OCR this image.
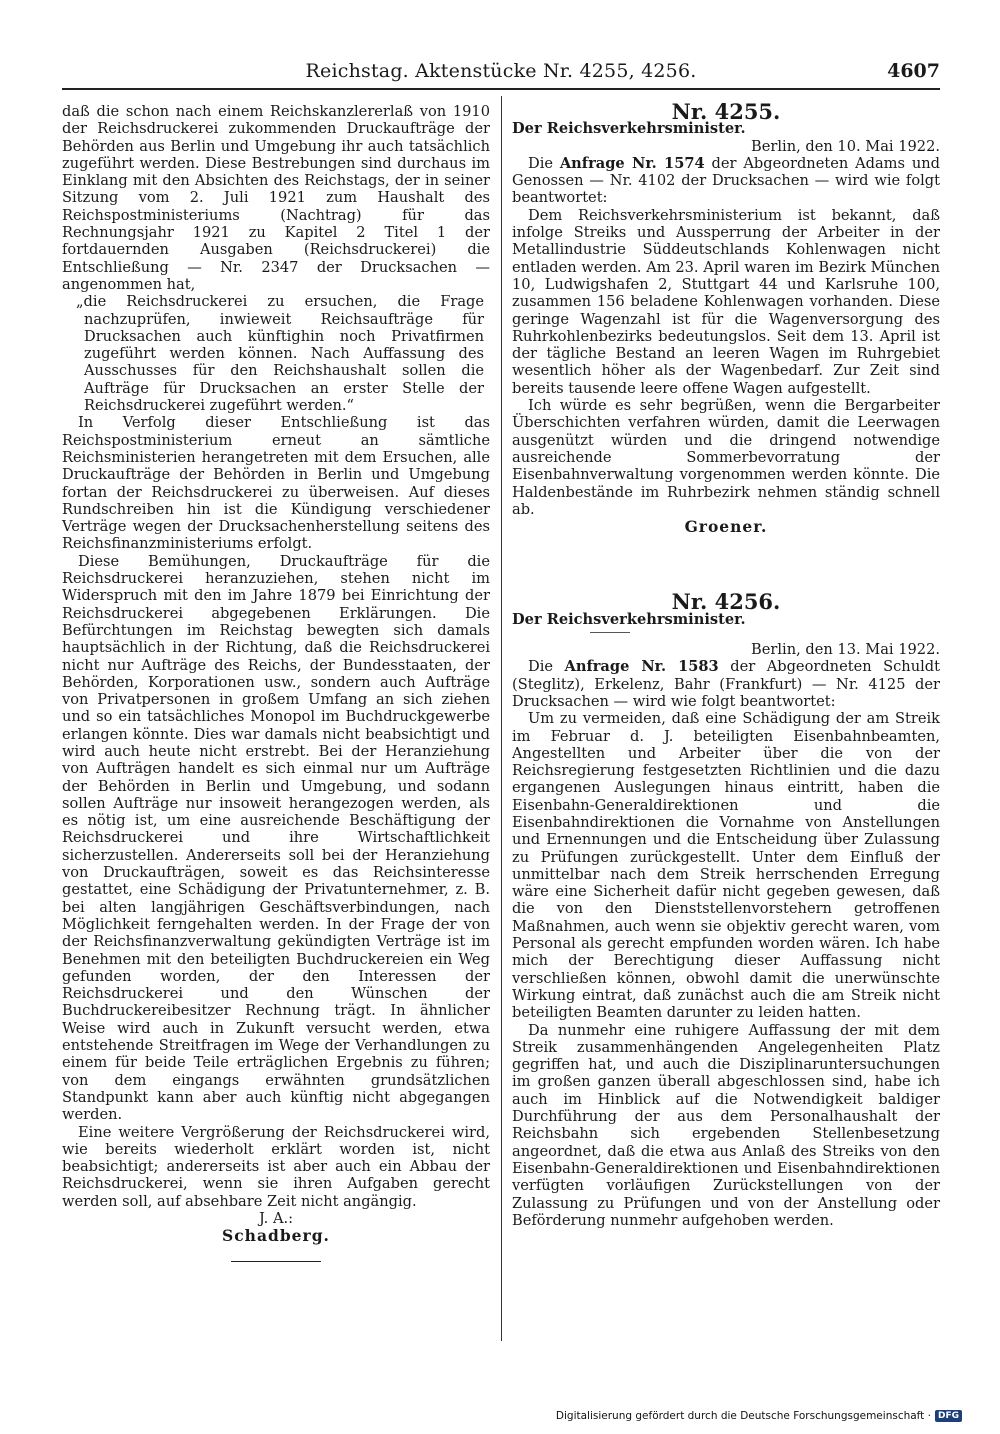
Reichstag. Aktenstücke Nr. 4255, 4256.	4607

daß die schon nach einem Reichskanzlererlaß von 1910 der Reichsdruckerei zukommenden Druckaufträge der Behörden aus Berlin und Umgebung ihr auch tatsächlich zugeführt werden. Diese Bestrebungen sind durchaus im Einklang mit den Absichten des Reichstags, der in seiner Sitzung vom 2. Juli 1921 zum Haushalt des Reichspostministeriums (Nachtrag) für das Rechnungsjahr 1921 zu Kapitel 2 Titel 1 der fortdauernden Ausgaben (Reichsdruckerei) die Entschließung — Nr. 2347 der Drucksachen — angenommen hat,

„die Reichsdruckerei zu ersuchen, die Frage nachzuprüfen, inwieweit Reichsaufträge für Drucksachen auch künftighin noch Privatfirmen zugeführt werden können. Nach Auffassung des Ausschusses für den Reichshaushalt sollen die Aufträge für Drucksachen an erster Stelle der Reichsdruckerei zugeführt werden.“

In Verfolg dieser Entschließung ist das Reichspostministerium erneut an sämtliche Reichsministerien herangetreten mit dem Ersuchen, alle Druckaufträge der Behörden in Berlin und Umgebung fortan der Reichsdruckerei zu überweisen. Auf dieses Rundschreiben hin ist die Kündigung verschiedener Verträge wegen der Drucksachenherstellung seitens des Reichsfinanzministeriums erfolgt.

Diese Bemühungen, Druckaufträge für die Reichsdruckerei heranzuziehen, stehen nicht im Widerspruch mit den im Jahre 1879 bei Einrichtung der Reichsdruckerei abgegebenen Erklärungen. Die Befürchtungen im Reichstag bewegten sich damals hauptsächlich in der Richtung, daß die Reichsdruckerei nicht nur Aufträge des Reichs, der Bundesstaaten, der Behörden, Korporationen usw., sondern auch Aufträge von Privatpersonen in großem Umfang an sich ziehen und so ein tatsächliches Monopol im Buchdruckgewerbe erlangen könnte. Dies war damals nicht beabsichtigt und wird auch heute nicht erstrebt. Bei der Heranziehung von Aufträgen handelt es sich einmal nur um Aufträge der Behörden in Berlin und Umgebung, und sodann sollen Aufträge nur insoweit herangezogen werden, als es nötig ist, um eine ausreichende Beschäftigung der Reichsdruckerei und ihre Wirtschaftlichkeit sicherzustellen. Andererseits soll bei der Heranziehung von Druckaufträgen, soweit es das Reichsinteresse gestattet, eine Schädigung der Privatunternehmer, z. B. bei alten langjährigen Geschäftsverbindungen, nach Möglichkeit ferngehalten werden. In der Frage der von der Reichsfinanzverwaltung gekündigten Verträge ist im Benehmen mit den beteiligten Buchdruckereien ein Weg gefunden worden, der den Interessen der Reichsdruckerei und den Wünschen der Buchdruckereibesitzer Rechnung trägt. In ähnlicher Weise wird auch in Zukunft versucht werden, etwa entstehende Streitfragen im Wege der Verhandlungen zu einem für beide Teile erträglichen Ergebnis zu führen; von dem eingangs erwähnten grundsätzlichen Standpunkt kann aber auch künftig nicht abgegangen werden.

Eine weitere Vergrößerung der Reichsdruckerei wird, wie bereits wiederholt erklärt worden ist, nicht beabsichtigt; andererseits ist aber auch ein Abbau der Reichsdruckerei, wenn sie ihren Aufgaben gerecht werden soll, auf absehbare Zeit nicht angängig.

J. A.:

Schadberg.

Nr. 4255.

Der Reichsverkehrsminister.

Berlin, den 10. Mai 1922.

Die Anfrage Nr. 1574 der Abgeordneten Adams und Genossen — Nr. 4102 der Drucksachen — wird wie folgt beantwortet:

Dem Reichsverkehrsministerium ist bekannt, daß infolge Streiks und Aussperrung der Arbeiter in der Metallindustrie Süddeutschlands Kohlenwagen nicht entladen werden. Am 23. April waren im Bezirk München 10, Ludwigshafen 2, Stuttgart 44 und Karlsruhe 100, zusammen 156 beladene Kohlenwagen vorhanden. Diese geringe Wagenzahl ist für die Wagenversorgung des Ruhrkohlenbezirks bedeutungslos. Seit dem 13. April ist der tägliche Bestand an leeren Wagen im Ruhrgebiet wesentlich höher als der Wagenbedarf. Zur Zeit sind bereits tausende leere offene Wagen aufgestellt.

Ich würde es sehr begrüßen, wenn die Bergarbeiter Überschichten verfahren würden, damit die Leerwagen ausgenützt würden und die dringend notwendige ausreichende Sommerbevorratung der Eisenbahnverwaltung vorgenommen werden könnte. Die Haldenbestände im Ruhrbezirk nehmen ständig schnell ab.

Groener.

Nr. 4256.

Der Reichsverkehrsminister.

Berlin, den 13. Mai 1922.

Die Anfrage Nr. 1583 der Abgeordneten Schuldt (Steglitz), Erkelenz, Bahr (Frankfurt) — Nr. 4125 der Drucksachen — wird wie folgt beantwortet:

Um zu vermeiden, daß eine Schädigung der am Streik im Februar d. J. beteiligten Eisenbahnbeamten, Angestellten und Arbeiter über die von der Reichsregierung festgesetzten Richtlinien und die dazu ergangenen Auslegungen hinaus eintritt, haben die Eisenbahn-Generaldirektionen und die Eisenbahndirektionen die Vornahme von Anstellungen und Ernennungen und die Entscheidung über Zulassung zu Prüfungen zurückgestellt. Unter dem Einfluß der unmittelbar nach dem Streik herrschenden Erregung wäre eine Sicherheit dafür nicht gegeben gewesen, daß die von den Dienststellenvorstehern getroffenen Maßnahmen, auch wenn sie objektiv gerecht waren, vom Personal als gerecht empfunden worden wären. Ich habe mich der Berechtigung dieser Auffassung nicht verschließen können, obwohl damit die unerwünschte Wirkung eintrat, daß zunächst auch die am Streik nicht beteiligten Beamten darunter zu leiden hatten.

Da nunmehr eine ruhigere Auffassung der mit dem Streik zusammenhängenden Angelegenheiten Platz gegriffen hat, und auch die Disziplinaruntersuchungen im großen ganzen überall abgeschlossen sind, habe ich auch im Hinblick auf die Notwendigkeit baldiger Durchführung der aus dem Personalhaushalt der Reichsbahn sich ergebenden Stellenbesetzung angeordnet, daß die etwa aus Anlaß des Streiks von den Eisenbahn-Generaldirektionen und Eisenbahndirektionen verfügten vorläufigen Zurückstellungen von der Zulassung zu Prüfungen und von der Anstellung oder Beförderung nunmehr aufgehoben werden.

Digitalisierung gefördert durch die Deutsche Forschungsgemeinschaft · DFG
